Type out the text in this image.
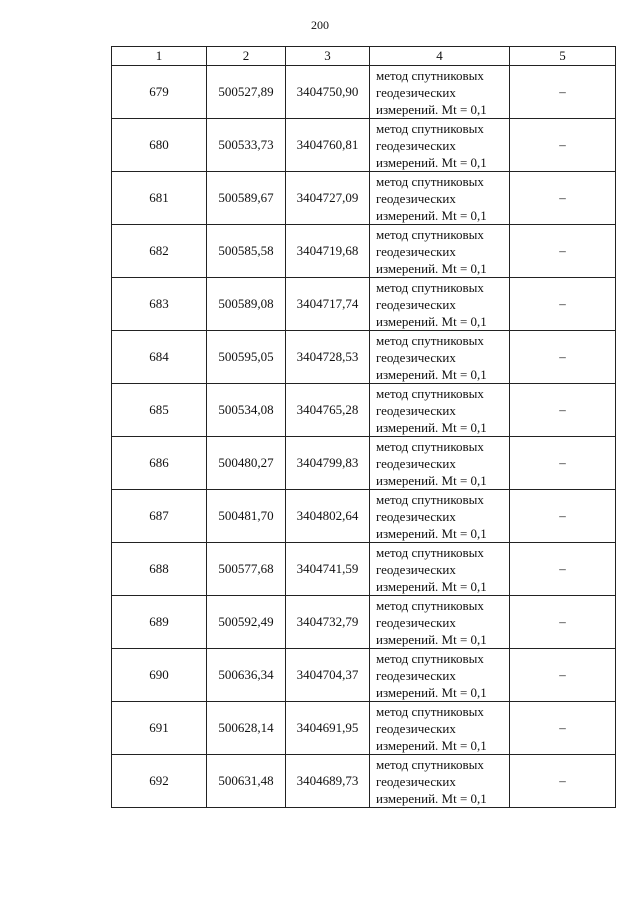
200
1	2	3	4	5
679	500527,89	3404750,90	метод спутниковых
геодезических
измерений. Mt = 0,1	–
680	500533,73	3404760,81	метод спутниковых
геодезических
измерений. Mt = 0,1	–
681	500589,67	3404727,09	метод спутниковых
геодезических
измерений. Mt = 0,1	–
682	500585,58	3404719,68	метод спутниковых
геодезических
измерений. Mt = 0,1	–
683	500589,08	3404717,74	метод спутниковых
геодезических
измерений. Mt = 0,1	–
684	500595,05	3404728,53	метод спутниковых
геодезических
измерений. Mt = 0,1	–
685	500534,08	3404765,28	метод спутниковых
геодезических
измерений. Mt = 0,1	–
686	500480,27	3404799,83	метод спутниковых
геодезических
измерений. Mt = 0,1	–
687	500481,70	3404802,64	метод спутниковых
геодезических
измерений. Mt = 0,1	–
688	500577,68	3404741,59	метод спутниковых
геодезических
измерений. Mt = 0,1	–
689	500592,49	3404732,79	метод спутниковых
геодезических
измерений. Mt = 0,1	–
690	500636,34	3404704,37	метод спутниковых
геодезических
измерений. Mt = 0,1	–
691	500628,14	3404691,95	метод спутниковых
геодезических
измерений. Mt = 0,1	–
692	500631,48	3404689,73	метод спутниковых
геодезических
измерений. Mt = 0,1	–
